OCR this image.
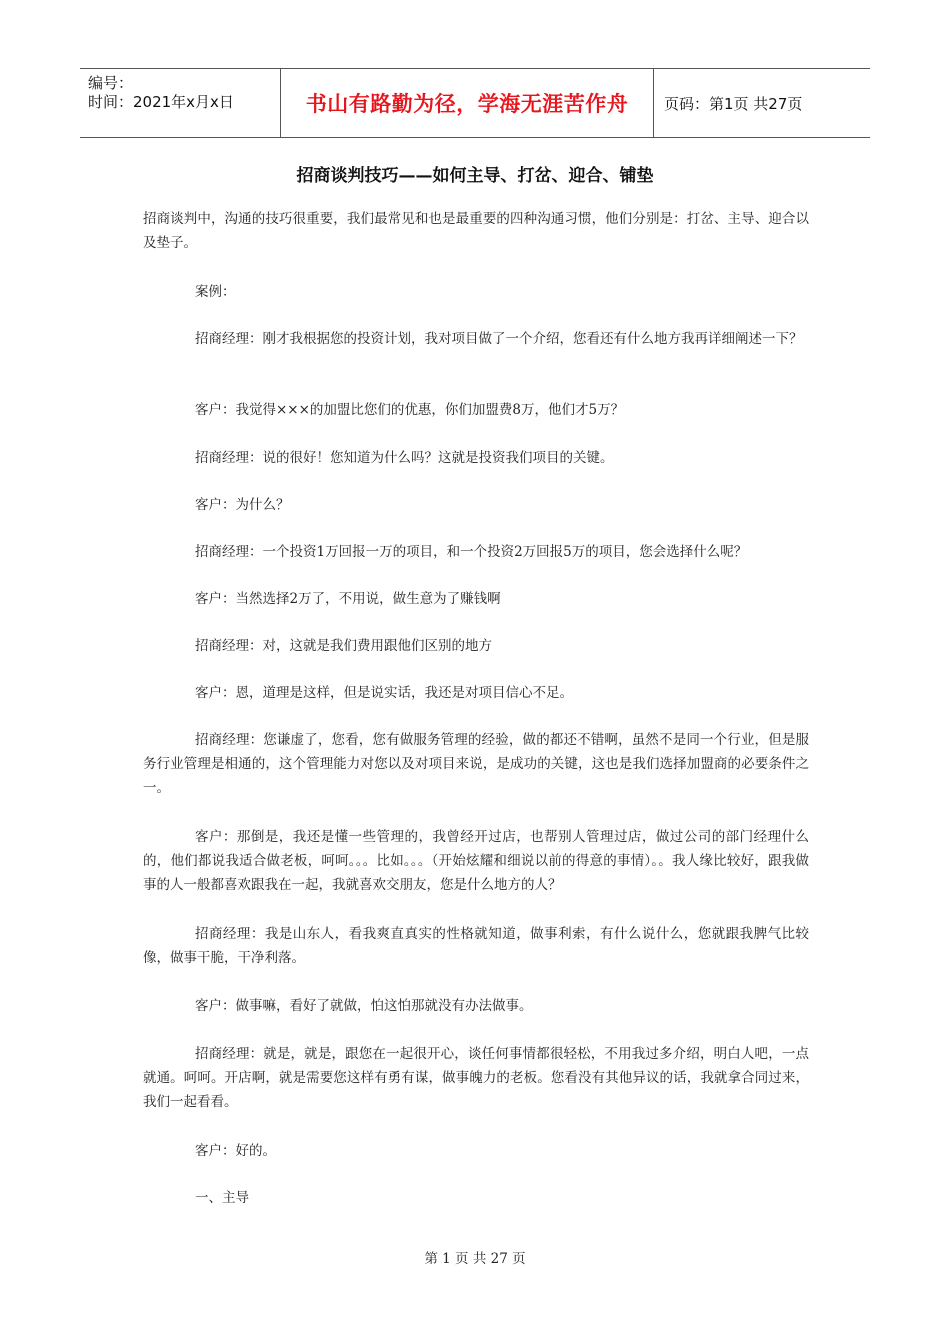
编号：
时间：2021年x月x日	书山有路勤为径，学海无涯苦作舟	页码：第1页 共27页
招商谈判技巧——如何主导、打岔、迎合、铺垫

招商谈判中，沟通的技巧很重要，我们最常见和也是最重要的四种沟通习惯，他们分别是：打岔、主导、迎合以及垫子。

案例：

招商经理：刚才我根据您的投资计划，我对项目做了一个介绍，您看还有什么地方我再详细阐述一下？

客户：我觉得×××的加盟比您们的优惠，你们加盟费8万，他们才5万？

招商经理：说的很好！您知道为什么吗？这就是投资我们项目的关键。

客户：为什么？

招商经理：一个投资1万回报一万的项目，和一个投资2万回报5万的项目，您会选择什么呢？

客户：当然选择2万了，不用说，做生意为了赚钱啊

招商经理：对，这就是我们费用跟他们区别的地方

客户：恩，道理是这样，但是说实话，我还是对项目信心不足。

招商经理：您谦虚了，您看，您有做服务管理的经验，做的都还不错啊，虽然不是同一个行业，但是服务行业管理是相通的，这个管理能力对您以及对项目来说，是成功的关键，这也是我们选择加盟商的必要条件之一。

客户：那倒是，我还是懂一些管理的，我曾经开过店，也帮别人管理过店，做过公司的部门经理什么的，他们都说我适合做老板，呵呵。。。比如。。。（开始炫耀和细说以前的得意的事情）。。我人缘比较好，跟我做事的人一般都喜欢跟我在一起，我就喜欢交朋友，您是什么地方的人？

招商经理：我是山东人，看我爽直真实的性格就知道，做事利索，有什么说什么，您就跟我脾气比较像，做事干脆，干净利落。

客户：做事嘛，看好了就做，怕这怕那就没有办法做事。

招商经理：就是，就是，跟您在一起很开心，谈任何事情都很轻松，不用我过多介绍，明白人吧，一点就通。呵呵。开店啊，就是需要您这样有勇有谋，做事魄力的老板。您看没有其他异议的话，我就拿合同过来，我们一起看看。

客户：好的。

一、主导

第 1 页 共 27 页
